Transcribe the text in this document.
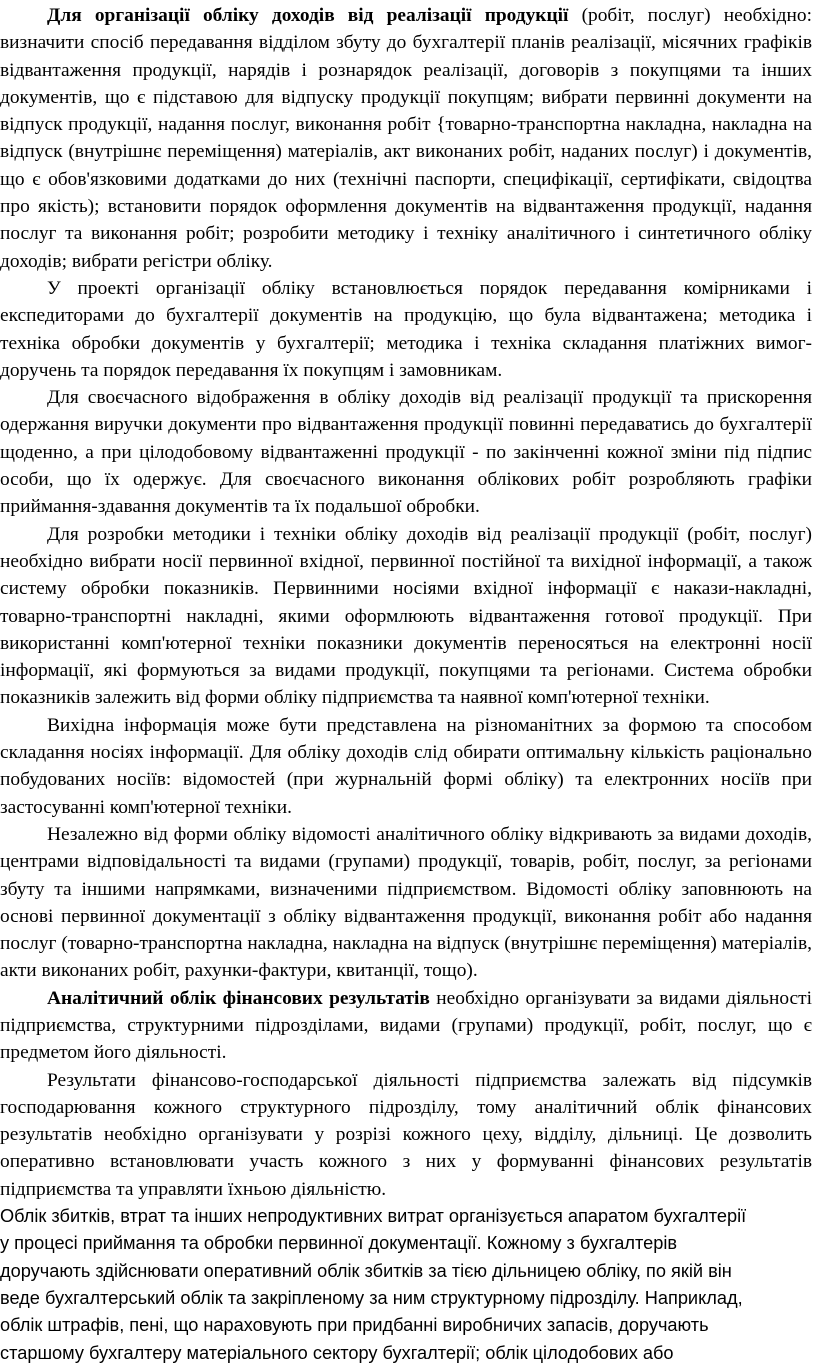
Для організації обліку доходів від реалізації продукції (робіт, послуг) необхідно: визначити спосіб передавання відділом збуту до бухгалтерії планів реалізації, місячних графіків відвантаження продукції, нарядів і рознарядок реалізації, договорів з покупцями та інших документів, що є підставою для відпуску продукції покупцям; вибрати первинні документи на відпуск продукції, надання послуг, виконання робіт {товарно-транспортна накладна, накладна на відпуск (внутрішнє переміщення) матеріалів, акт виконаних робіт, наданих послуг) і документів, що є обов'язковими додатками до них (технічні паспорти, специфікації, сертифікати, свідоцтва про якість); встановити порядок оформлення документів на відвантаження продукції, надання послуг та виконання робіт; розробити методику і техніку аналітичного і синтетичного обліку доходів; вибрати регістри обліку.

У проекті організації обліку встановлюється порядок передавання комірниками і експедиторами до бухгалтерії документів на продукцію, що була відвантажена; методика і техніка обробки документів у бухгалтерії; методика і техніка складання платіжних вимог-доручень та порядок передавання їх покупцям і замовникам.

Для своєчасного відображення в обліку доходів від реалізації продукції та прискорення одержання виручки документи про відвантаження продукції повинні передаватись до бухгалтерії щоденно, а при цілодобовому відвантаженні продукції - по закінченні кожної зміни під підпис особи, що їх одержує. Для своєчасного виконання облікових робіт розробляють графіки приймання-здавання документів та їх подальшої обробки.

Для розробки методики і техніки обліку доходів від реалізації продукції (робіт, послуг) необхідно вибрати носії первинної вхідної, первинної постійної та вихідної інформації, а також систему обробки показників. Первинними носіями вхідної інформації є накази-накладні, товарно-транспортні накладні, якими оформлюють відвантаження готової продукції. При використанні комп'ютерної техніки показники документів переносяться на електронні носії інформації, які формуються за видами продукції, покупцями та регіонами. Система обробки показників залежить від форми обліку підприємства та наявної комп'ютерної техніки.

Вихідна інформація може бути представлена на різноманітних за формою та способом складання носіях інформації. Для обліку доходів слід обирати оптимальну кількість раціонально побудованих носіїв: відомостей (при журнальній формі обліку) та електронних носіїв при застосуванні комп'ютерної техніки.

Незалежно від форми обліку відомості аналітичного обліку відкривають за видами доходів, центрами відповідальності та видами (групами) продукції, товарів, робіт, послуг, за регіонами збуту та іншими напрямками, визначеними підприємством. Відомості обліку заповнюють на основі первинної документації з обліку відвантаження продукції, виконання робіт або надання послуг (товарно-транспортна накладна, накладна на відпуск (внутрішнє переміщення) матеріалів, акти виконаних робіт, рахунки-фактури, квитанції, тощо).

Аналітичний облік фінансових результатів необхідно організувати за видами діяльності підприємства, структурними підрозділами, видами (групами) продукції, робіт, послуг, що є предметом його діяльності.

Результати фінансово-господарської діяльності підприємства залежать від підсумків господарювання кожного структурного підрозділу, тому аналітичний облік фінансових результатів необхідно організувати у розрізі кожного цеху, відділу, дільниці. Це дозволить оперативно встановлювати участь кожного з них у формуванні фінансових результатів підприємства та управляти їхньою діяльністю.

Облік збитків, втрат та інших непродуктивних витрат організується апаратом бухгалтерії
у процесі приймання та обробки первинної документації. Кожному з бухгалтерів
доручають здійснювати оперативний облік збитків за тією дільницею обліку, по якій він
веде бухгалтерський облік та закріпленому за ним структурному підрозділу. Наприклад,
облік штрафів, пені, що нараховують при придбанні виробничих запасів, доручають
старшому бухгалтеру матеріального сектору бухгалтерії; облік цілодобових або
